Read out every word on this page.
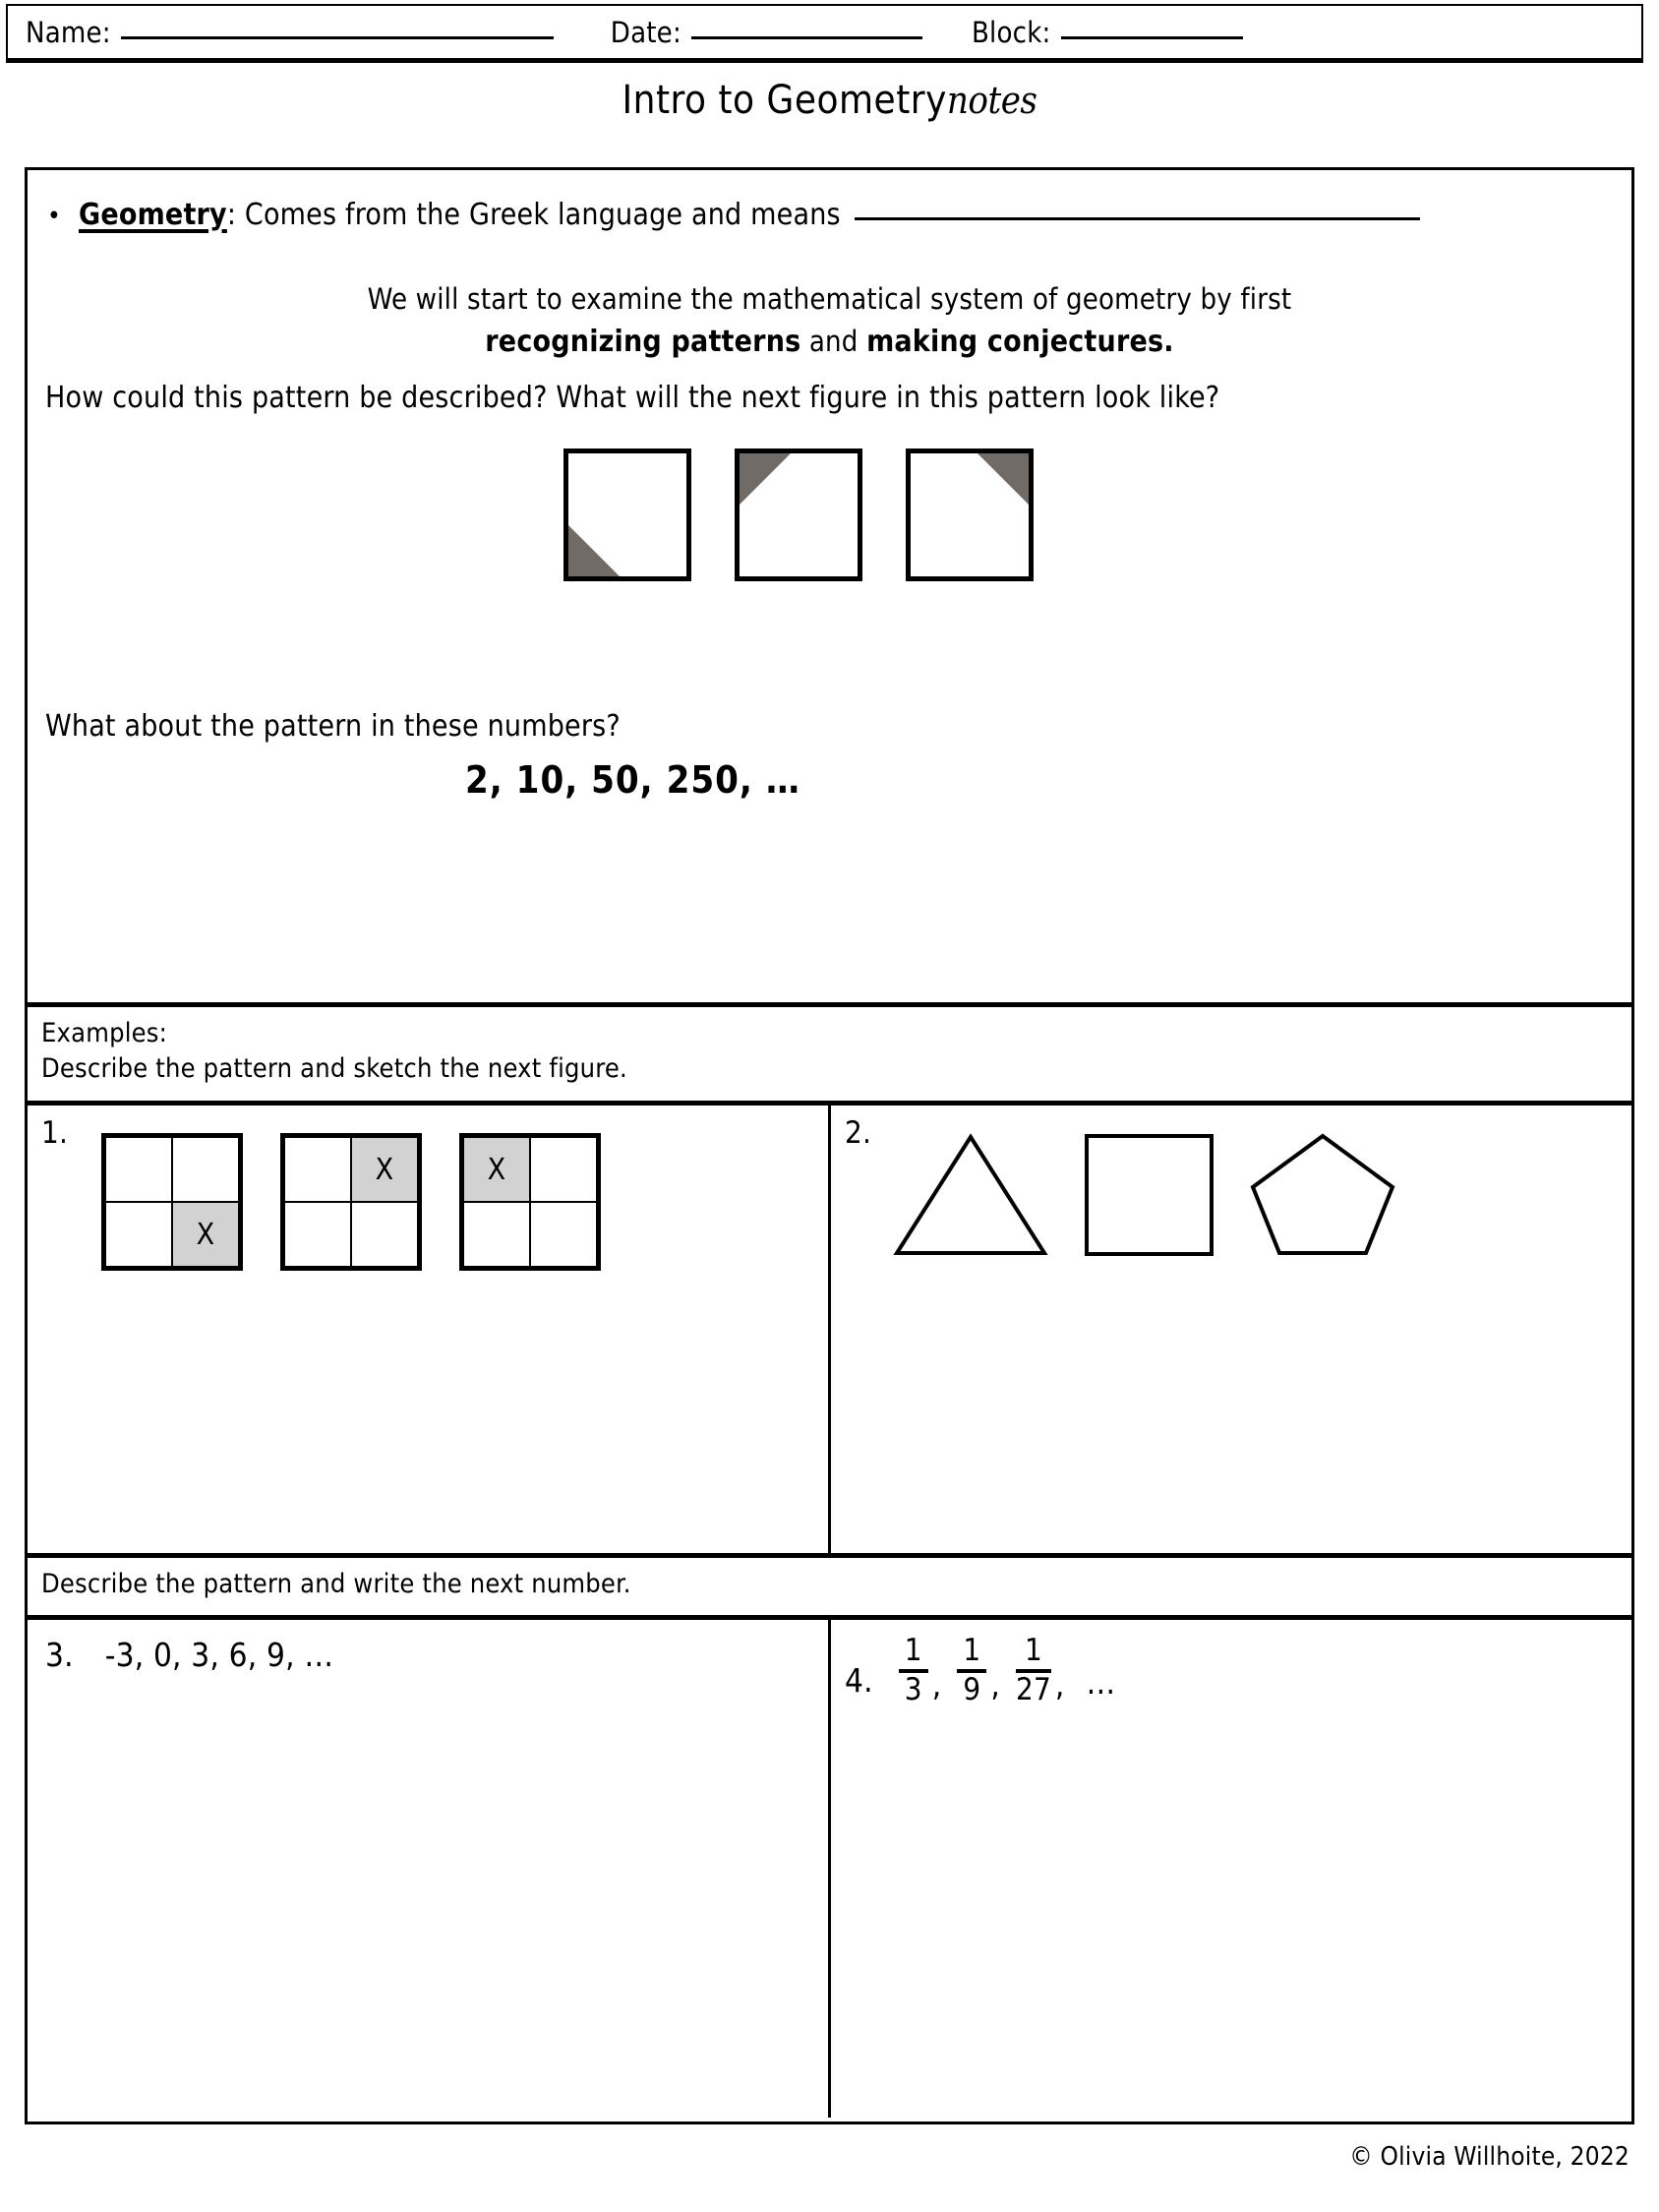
Name:	Date:	Block:
Intro to Geometrynotes
• Geometry : Comes from the Greek language and means
We will start to examine the mathematical system of geometry by first
recognizing patterns and making conjectures.
How could this pattern be described? What will the next figure in this pattern look like?
What about the pattern in these numbers?
2, 10, 50, 250, …
Examples:
Describe the pattern and sketch the next figure.
1.
X
X	X
2.
Describe the pattern and write the next number.
3. -3, 0, 3, 6, 9, …
4. $\frac{1}{3}$ , $\frac{1}{9}$ , $\frac{1}{27}$ , …
© Olivia Willhoite, 2022
